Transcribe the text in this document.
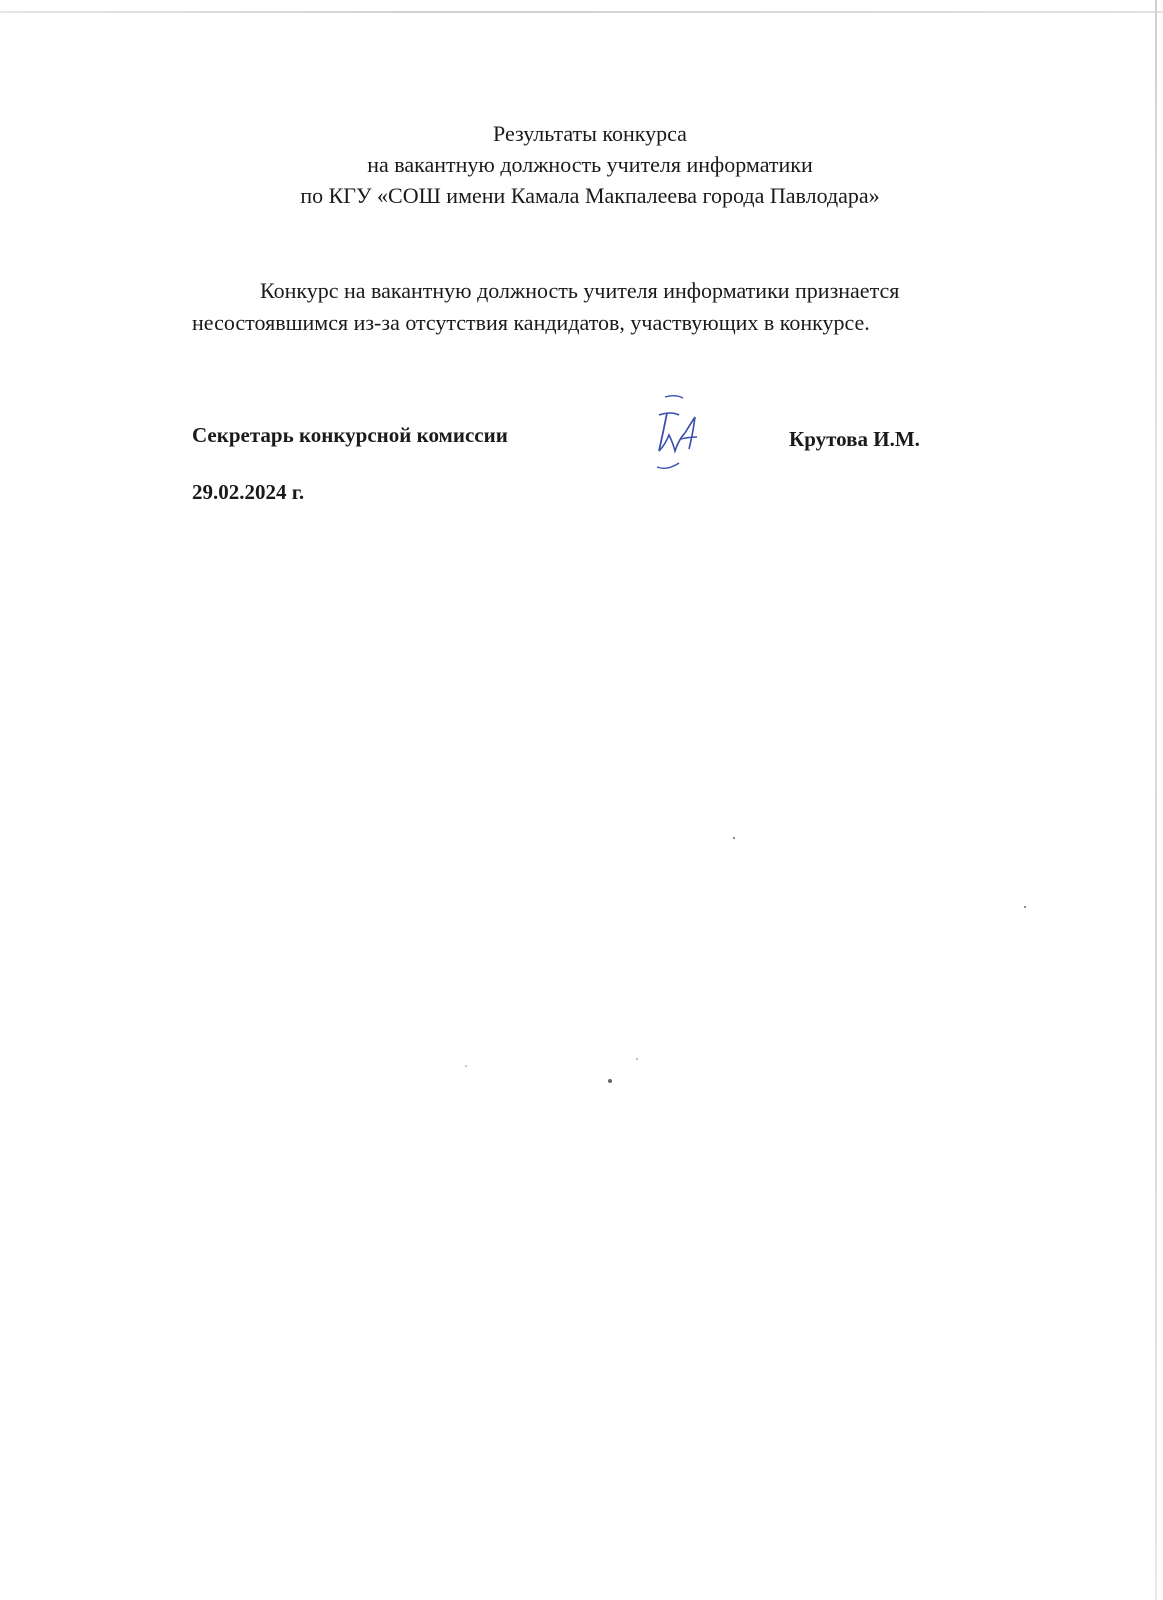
Результаты конкурса
на вакантную должность учителя информатики
по КГУ «СОШ имени Камала Макпалеева города Павлодара»
Конкурс на вакантную должность учителя информатики признается
несостоявшимся из-за отсутствия кандидатов, участвующих в конкурсе.
Секретарь конкурсной комиссии	Крутова И.М.
29.02.2024 г.
